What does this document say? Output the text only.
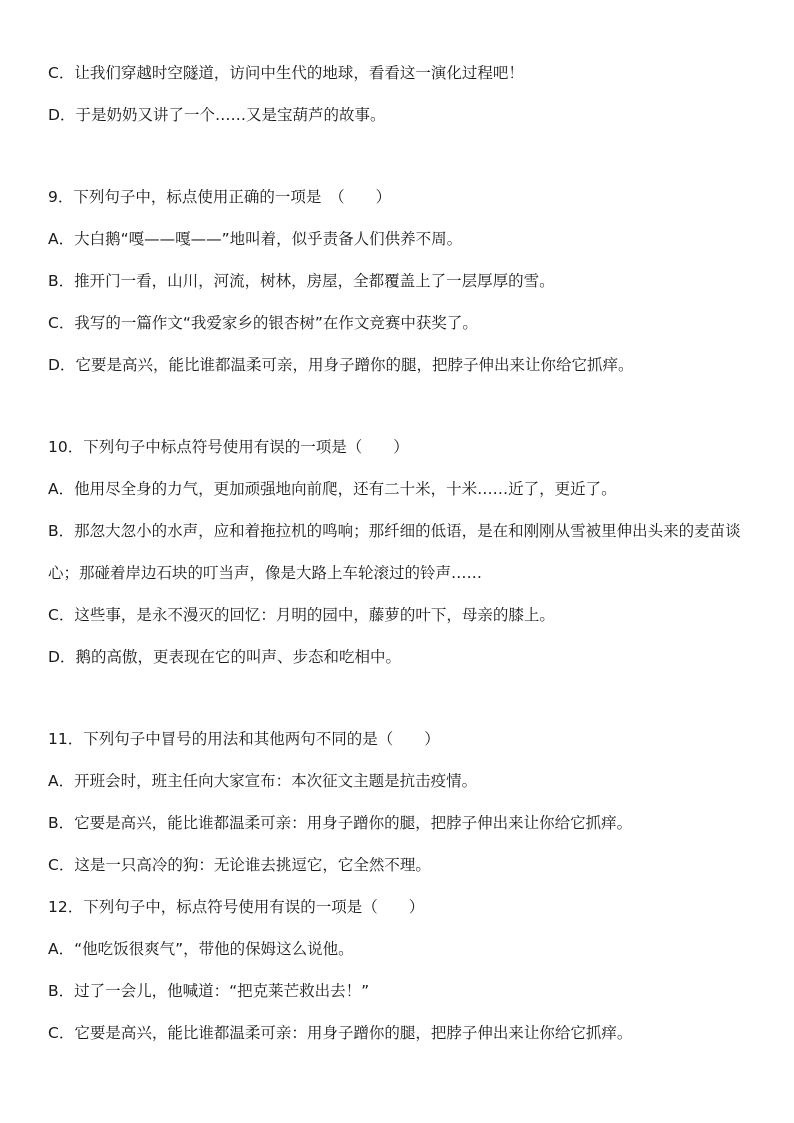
C．让我们穿越时空隧道，访问中生代的地球，看看这一演化过程吧！
D．于是奶奶又讲了一个……又是宝葫芦的故事。
9．下列句子中，标点使用正确的一项是　（　　）
A．大白鹅“嘎——嘎——”地叫着，似乎责备人们供养不周。
B．推开门一看，山川，河流，树林，房屋，全都覆盖上了一层厚厚的雪。
C．我写的一篇作文“我爱家乡的银杏树”在作文竞赛中获奖了。
D．它要是高兴，能比谁都温柔可亲，用身子蹭你的腿，把脖子伸出来让你给它抓痒。
10．下列句子中标点符号使用有误的一项是（　　）
A．他用尽全身的力气，更加顽强地向前爬，还有二十米，十米……近了，更近了。
B．那忽大忽小的水声，应和着拖拉机的鸣响；那纤细的低语，是在和刚刚从雪被里伸出头来的麦苗谈心；那碰着岸边石块的叮当声，像是大路上车轮滚过的铃声……
C．这些事，是永不漫灭的回忆：月明的园中，藤萝的叶下，母亲的膝上。
D．鹅的高傲，更表现在它的叫声、步态和吃相中。
11．下列句子中冒号的用法和其他两句不同的是（　　）
A．开班会时，班主任向大家宣布：本次征文主题是抗击疫情。
B．它要是高兴，能比谁都温柔可亲：用身子蹭你的腿，把脖子伸出来让你给它抓痒。
C．这是一只高冷的狗：无论谁去挑逗它，它全然不理。
12．下列句子中，标点符号使用有误的一项是（　　）
A．“他吃饭很爽气”，带他的保姆这么说他。
B．过了一会儿，他喊道：“把克莱芒救出去！”
C．它要是高兴，能比谁都温柔可亲：用身子蹭你的腿，把脖子伸出来让你给它抓痒。
